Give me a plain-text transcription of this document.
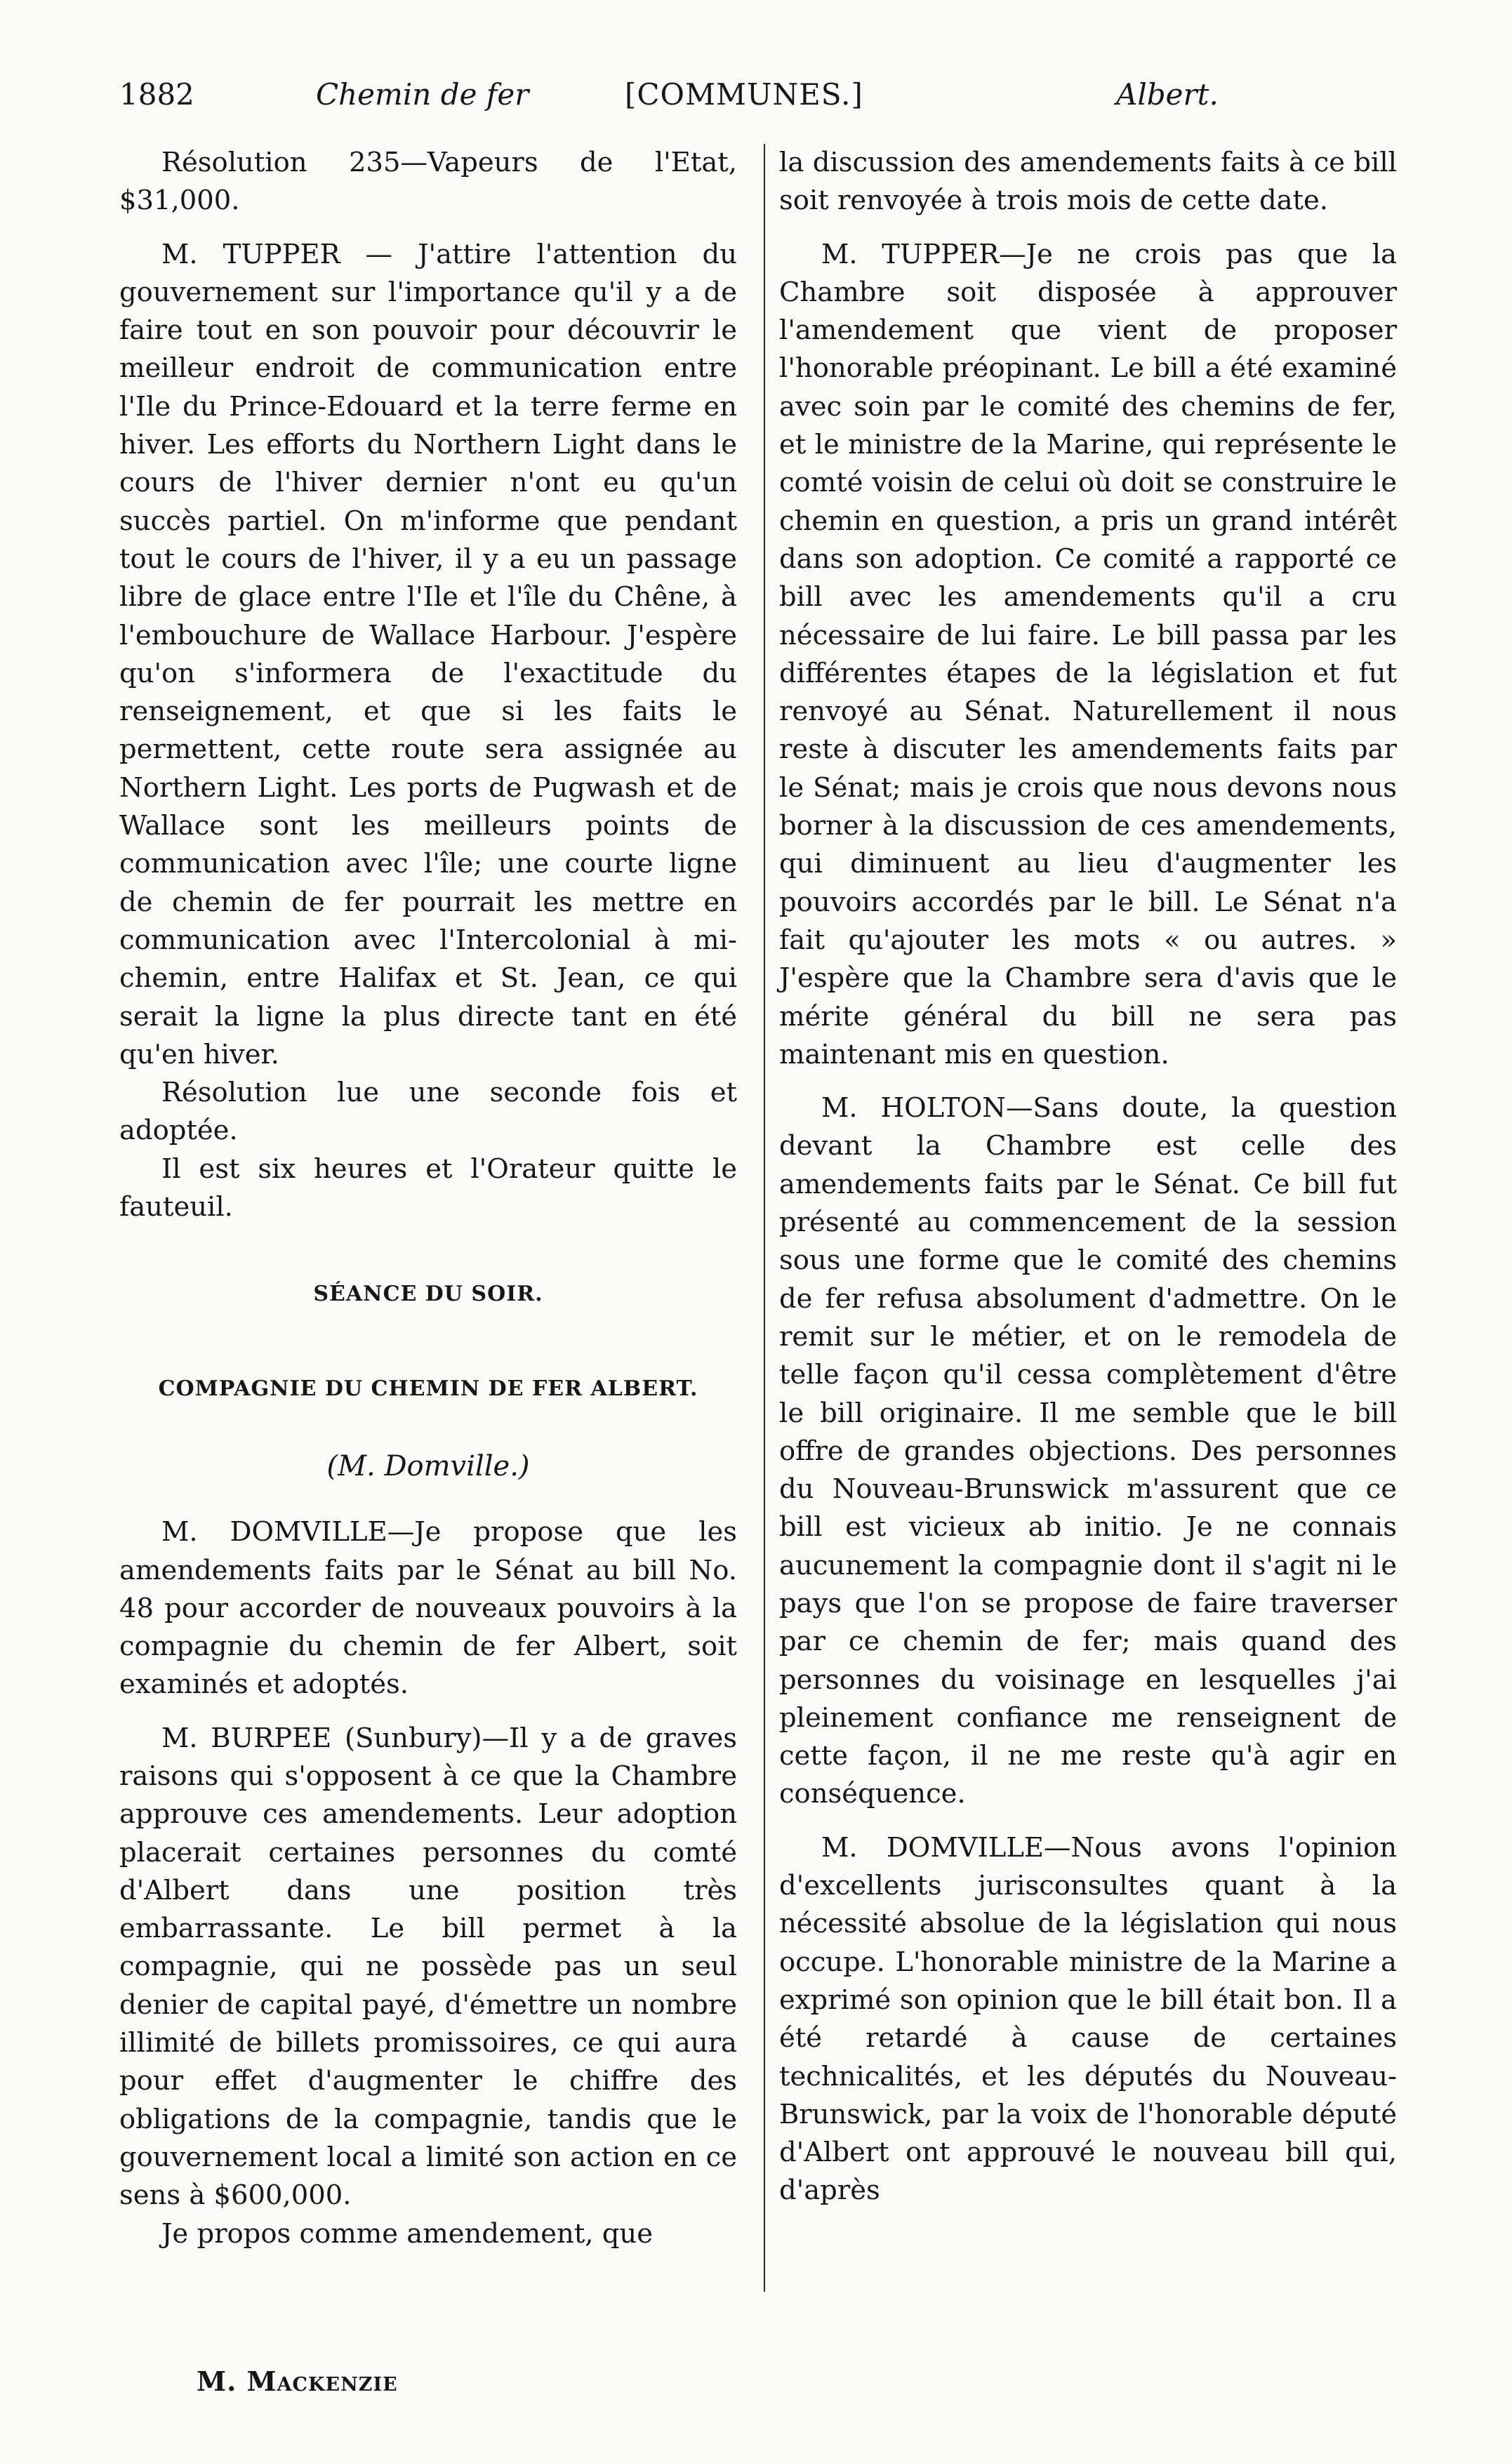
1882	Chemin de fer	[COMMUNES.]	Albert.

Résolution 235—Vapeurs de l'Etat, $31,000.

M. TUPPER — J'attire l'attention du gouvernement sur l'importance qu'il y a de faire tout en son pouvoir pour découvrir le meilleur endroit de communication entre l'Ile du Prince-Edouard et la terre ferme en hiver. Les efforts du Northern Light dans le cours de l'hiver dernier n'ont eu qu'un succès partiel. On m'informe que pendant tout le cours de l'hiver, il y a eu un passage libre de glace entre l'Ile et l'île du Chêne, à l'embouchure de Wallace Harbour. J'espère qu'on s'informera de l'exactitude du renseignement, et que si les faits le permettent, cette route sera assignée au Northern Light. Les ports de Pugwash et de Wallace sont les meilleurs points de communication avec l'île; une courte ligne de chemin de fer pourrait les mettre en communication avec l'Intercolonial à mi-chemin, entre Halifax et St. Jean, ce qui serait la ligne la plus directe tant en été qu'en hiver.

Résolution lue une seconde fois et adoptée.

Il est six heures et l'Orateur quitte le fauteuil.

SÉANCE DU SOIR.

COMPAGNIE DU CHEMIN DE FER ALBERT.

(M. Domville.)

M. DOMVILLE—Je propose que les amendements faits par le Sénat au bill No. 48 pour accorder de nouveaux pouvoirs à la compagnie du chemin de fer Albert, soit examinés et adoptés.

M. BURPEE (Sunbury)—Il y a de graves raisons qui s'opposent à ce que la Chambre approuve ces amendements. Leur adoption placerait certaines personnes du comté d'Albert dans une position très embarrassante. Le bill permet à la compagnie, qui ne possède pas un seul denier de capital payé, d'émettre un nombre illimité de billets promissoires, ce qui aura pour effet d'augmenter le chiffre des obligations de la compagnie, tandis que le gouvernement local a limité son action en ce sens à $600,000.

Je propos comme amendement, que

la discussion des amendements faits à ce bill soit renvoyée à trois mois de cette date.

M. TUPPER—Je ne crois pas que la Chambre soit disposée à approuver l'amendement que vient de proposer l'honorable préopinant. Le bill a été examiné avec soin par le comité des chemins de fer, et le ministre de la Marine, qui représente le comté voisin de celui où doit se construire le chemin en question, a pris un grand intérêt dans son adoption. Ce comité a rapporté ce bill avec les amendements qu'il a cru nécessaire de lui faire. Le bill passa par les différentes étapes de la législation et fut renvoyé au Sénat. Naturellement il nous reste à discuter les amendements faits par le Sénat; mais je crois que nous devons nous borner à la discussion de ces amendements, qui diminuent au lieu d'augmenter les pouvoirs accordés par le bill. Le Sénat n'a fait qu'ajouter les mots « ou autres. » J'espère que la Chambre sera d'avis que le mérite général du bill ne sera pas maintenant mis en question.

M. HOLTON—Sans doute, la question devant la Chambre est celle des amendements faits par le Sénat. Ce bill fut présenté au commencement de la session sous une forme que le comité des chemins de fer refusa absolument d'admettre. On le remit sur le métier, et on le remodela de telle façon qu'il cessa complètement d'être le bill originaire. Il me semble que le bill offre de grandes objections. Des personnes du Nouveau-Brunswick m'assurent que ce bill est vicieux ab initio. Je ne connais aucunement la compagnie dont il s'agit ni le pays que l'on se propose de faire traverser par ce chemin de fer; mais quand des personnes du voisinage en lesquelles j'ai pleinement confiance me renseignent de cette façon, il ne me reste qu'à agir en conséquence.

M. DOMVILLE—Nous avons l'opinion d'excellents jurisconsultes quant à la nécessité absolue de la législation qui nous occupe. L'honorable ministre de la Marine a exprimé son opinion que le bill était bon. Il a été retardé à cause de certaines technicalités, et les députés du Nouveau-Brunswick, par la voix de l'honorable député d'Albert ont approuvé le nouveau bill qui, d'après

M. Mackenzie
